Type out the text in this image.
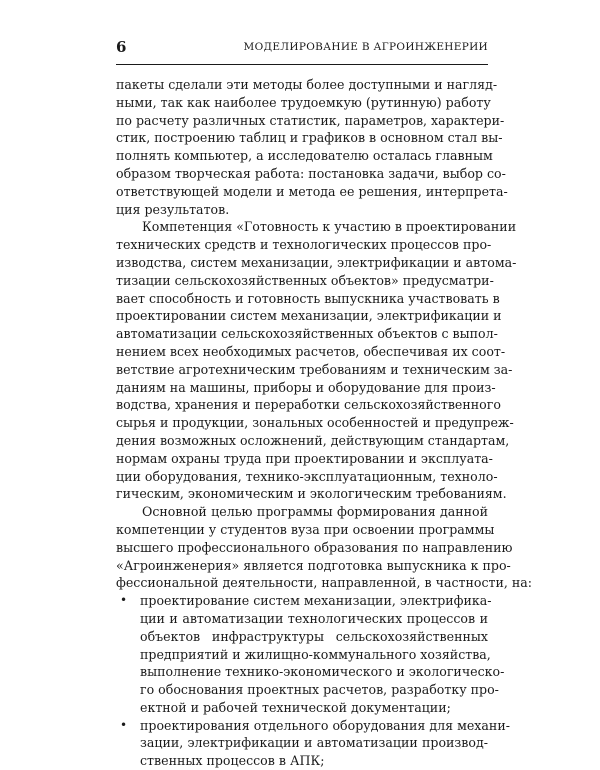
6	МОДЕЛИРОВАНИЕ В АГРОИНЖЕНЕРИИ
пакеты сделали эти методы более доступными и нагляд-
ными, так как наиболее трудоемкую (рутинную) работу
по расчету различных статистик, параметров, характери-
стик, построению таблиц и графиков в основном стал вы-
полнять компьютер, а исследователю осталась главным
образом творческая работа: постановка задачи, выбор со-
ответствующей модели и метода ее решения, интерпрета-
ция результатов.
Компетенция «Готовность к участию в проектировании
технических средств и технологических процессов про-
изводства, систем механизации, электрификации и автома-
тизации сельскохозяйственных объектов» предусматри-
вает способность и готовность выпускника участвовать в
проектировании систем механизации, электрификации и
автоматизации сельскохозяйственных объектов с выпол-
нением всех необходимых расчетов, обеспечивая их соот-
ветствие агротехническим требованиям и техническим за-
даниям на машины, приборы и оборудование для произ-
водства, хранения и переработки сельскохозяйственного
сырья и продукции, зональных особенностей и предупреж-
дения возможных осложнений, действующим стандартам,
нормам охраны труда при проектировании и эксплуата-
ции оборудования, технико-эксплуатационным, техноло-
гическим, экономическим и экологическим требованиям.
Основной целью программы формирования данной
компетенции у студентов вуза при освоении программы
высшего профессионального образования по направлению
«Агроинженерия» является подготовка выпускника к про-
фессиональной деятельности, направленной, в частности, на:
• проектирование систем механизации, электрифика-
ции и автоматизации технологических процессов и
объектов инфраструктуры сельскохозяйственных
предприятий и жилищно-коммунального хозяйства,
выполнение технико-экономического и экологическо-
го обоснования проектных расчетов, разработку про-
ектной и рабочей технической документации;
• проектирования отдельного оборудования для механи-
зации, электрификации и автоматизации производ-
ственных процессов в АПК;
